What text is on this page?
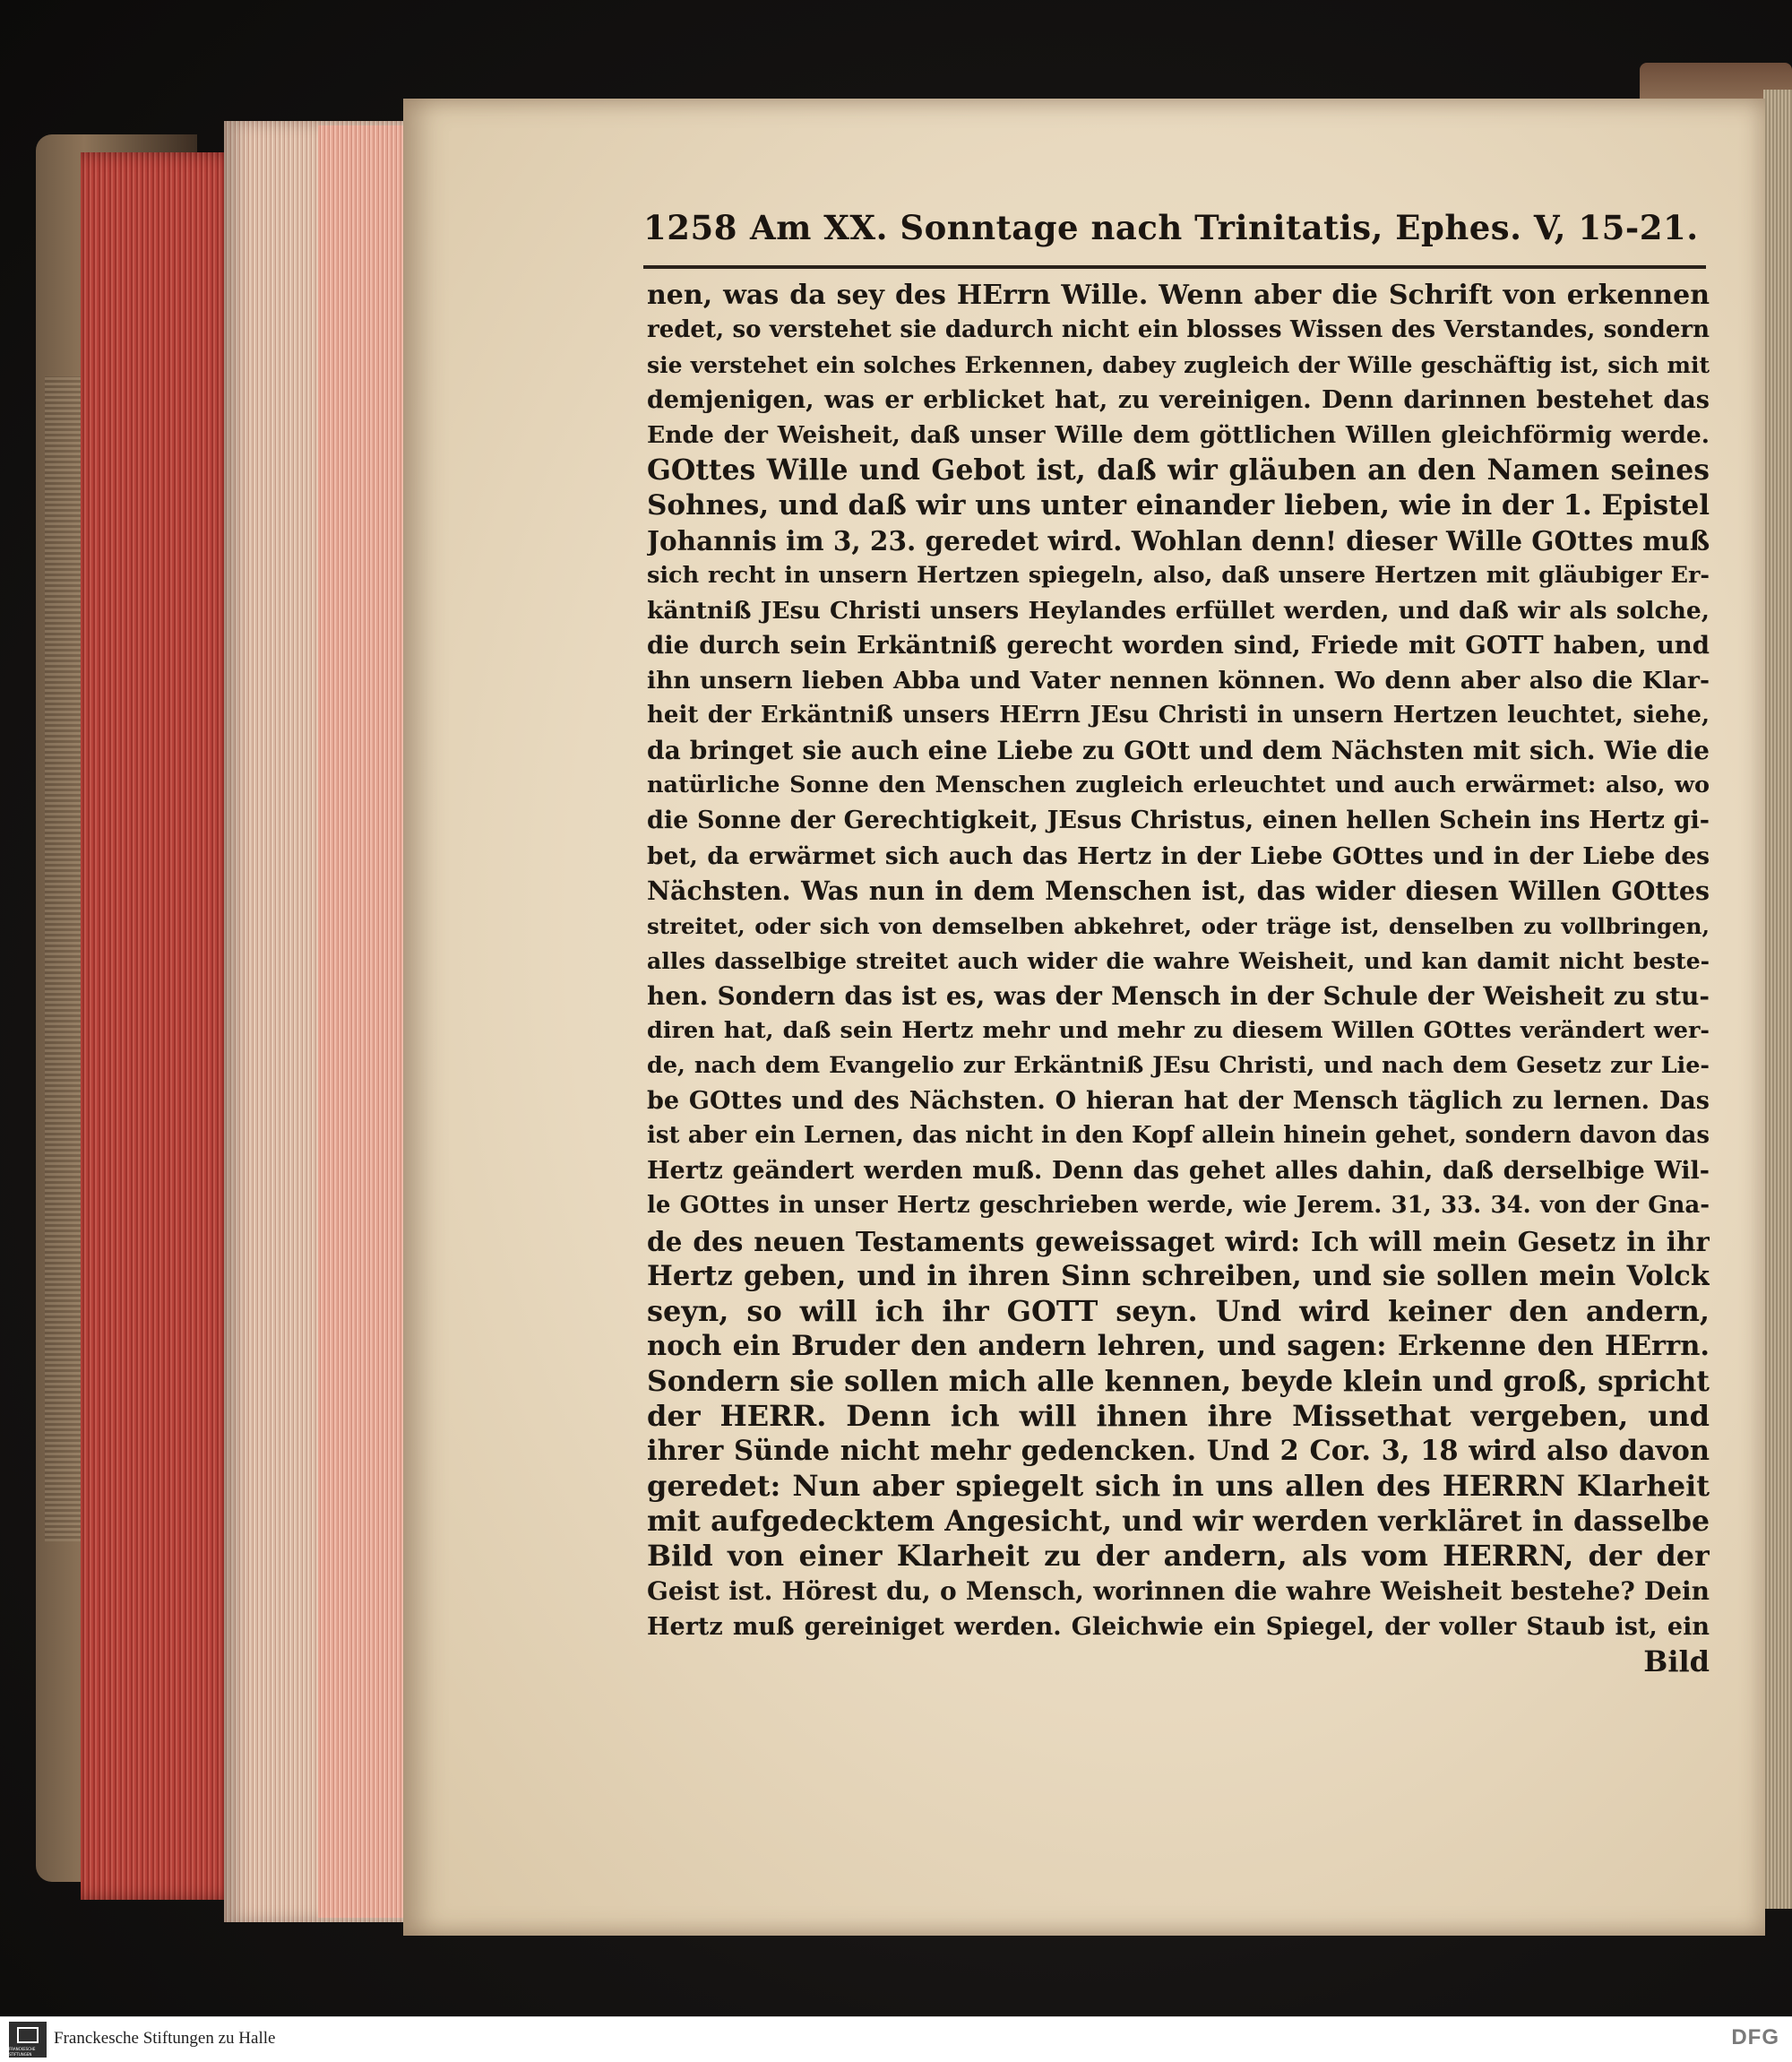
1258 Am XX. Sonntage nach Trinitatis, Ephes. V, 15-21.
nen, was da sey des HErrn Wille. Wenn aber die Schrift von erkennen
redet, so verstehet sie dadurch nicht ein blosses Wissen des Verstandes, sondern
sie verstehet ein solches Erkennen, dabey zugleich der Wille geschäftig ist, sich mit
demjenigen, was er erblicket hat, zu vereinigen. Denn darinnen bestehet das
Ende der Weisheit, daß unser Wille dem göttlichen Willen gleichförmig werde.
GOttes Wille und Gebot ist, daß wir gläuben an den Namen seines
Sohnes, und daß wir uns unter einander lieben, wie in der 1. Epistel
Johannis im 3, 23. geredet wird. Wohlan denn! dieser Wille GOttes muß
sich recht in unsern Hertzen spiegeln, also, daß unsere Hertzen mit gläubiger Er-
käntniß JEsu Christi unsers Heylandes erfüllet werden, und daß wir als solche,
die durch sein Erkäntniß gerecht worden sind, Friede mit GOTT haben, und
ihn unsern lieben Abba und Vater nennen können. Wo denn aber also die Klar-
heit der Erkäntniß unsers HErrn JEsu Christi in unsern Hertzen leuchtet, siehe,
da bringet sie auch eine Liebe zu GOtt und dem Nächsten mit sich. Wie die
natürliche Sonne den Menschen zugleich erleuchtet und auch erwärmet: also, wo
die Sonne der Gerechtigkeit, JEsus Christus, einen hellen Schein ins Hertz gi-
bet, da erwärmet sich auch das Hertz in der Liebe GOttes und in der Liebe des
Nächsten. Was nun in dem Menschen ist, das wider diesen Willen GOttes
streitet, oder sich von demselben abkehret, oder träge ist, denselben zu vollbringen,
alles dasselbige streitet auch wider die wahre Weisheit, und kan damit nicht beste-
hen. Sondern das ist es, was der Mensch in der Schule der Weisheit zu stu-
diren hat, daß sein Hertz mehr und mehr zu diesem Willen GOttes verändert wer-
de, nach dem Evangelio zur Erkäntniß JEsu Christi, und nach dem Gesetz zur Lie-
be GOttes und des Nächsten. O hieran hat der Mensch täglich zu lernen. Das
ist aber ein Lernen, das nicht in den Kopf allein hinein gehet, sondern davon das
Hertz geändert werden muß. Denn das gehet alles dahin, daß derselbige Wil-
le GOttes in unser Hertz geschrieben werde, wie Jerem. 31, 33. 34. von der Gna-
de des neuen Testaments geweissaget wird: Ich will mein Gesetz in ihr
Hertz geben, und in ihren Sinn schreiben, und sie sollen mein Volck
seyn, so will ich ihr GOTT seyn. Und wird keiner den andern,
noch ein Bruder den andern lehren, und sagen: Erkenne den HErrn.
Sondern sie sollen mich alle kennen, beyde klein und groß, spricht
der HERR. Denn ich will ihnen ihre Missethat vergeben, und
ihrer Sünde nicht mehr gedencken. Und 2 Cor. 3, 18 wird also davon
geredet: Nun aber spiegelt sich in uns allen des HERRN Klarheit
mit aufgedecktem Angesicht, und wir werden verkläret in dasselbe
Bild von einer Klarheit zu der andern, als vom HERRN, der der
Geist ist. Hörest du, o Mensch, worinnen die wahre Weisheit bestehe? Dein
Hertz muß gereiniget werden. Gleichwie ein Spiegel, der voller Staub ist, ein
Bild
FRANCKESCHE STIFTUNGEN
Franckesche Stiftungen zu Halle	DFG
